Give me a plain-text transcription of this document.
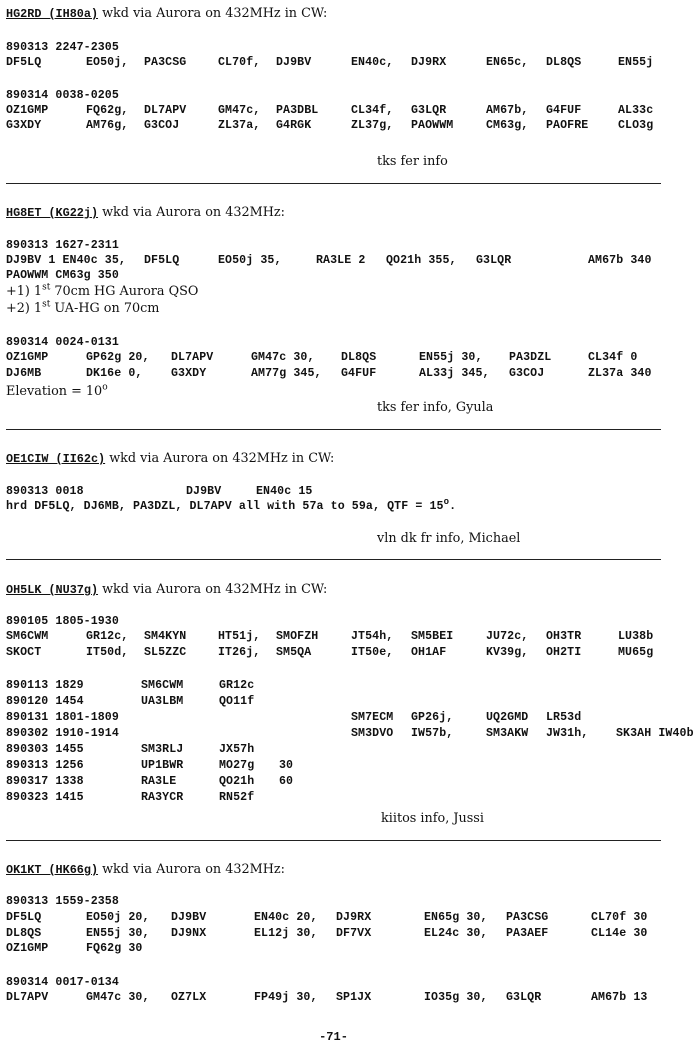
HG2RD (IH80a) wkd via Aurora on 432MHz in CW:
890313 2247-2305
DF5LQ	EO50j, PA3CSG	CL70f, DJ9BV	EN40c, DJ9RX	EN65c, DL8QS	EN55j
890314 0038-0205
OZ1GMP	FQ62g, DL7APV	GM47c, PA3DBL	CL34f, G3LQR	AM67b, G4FUF	AL33c
G3XDY	AM76g, G3COJ	ZL37a, G4RGK	ZL37g, PAOWWM	CM63g, PAOFRE	CLO3g
tks fer info
HG8ET (KG22j) wkd via Aurora on 432MHz:
890313 1627-2311
DJ9BV 1 EN40c 35, DF5LQ	EO50j 35,	RA3LE 2 QO21h 355, G3LQR	AM67b 340
PAOWWM CM63g 350
+1) 1st 70cm HG Aurora QSO
+2) 1st UA-HG on 70cm
890314 0024-0131
OZ1GMP	GP62g 20, DL7APV	GM47c 30, DL8QS	EN55j 30, PA3DZL	CL34f 0
DJ6MB	DK16e 0, G3XDY	AM77g 345, G4FUF	AL33j 345, G3COJ	ZL37a 340
Elevation = $10^o$
tks fer info, Gyula
OE1CIW (II62c) wkd via Aurora on 432MHz in CW:
890313 0018	DJ9BV	EN40c 15
hrd DF5LQ, DJ6MB, PA3DZL, DL7APV all with 57a to 59a, QTF = $15^o$.
vln dk fr info, Michael
OH5LK (NU37g) wkd via Aurora on 432MHz in CW:
890105 1805-1930
SM6CWM	GR12c, SM4KYN	HT51j, SMOFZH	JT54h, SM5BEI	JU72c, OH3TR	LU38b
SKOCT	IT50d, SL5ZZC	IT26j, SM5QA	IT50e, OH1AF	KV39g, OH2TI	MU65g
890113 1829	SM6CWM	GR12c
890120 1454	UA3LBM	QO11f
890131 1801-1809	SM7ECM GP26j,	UQ2GMD LR53d
890302 1910-1914	SM3DVO IW57b,	SM3AKW JW31h, SK3AH IW40b
890303 1455	SM3RLJ	JX57h
890313 1256	UP1BWR	MO27g 30
890317 1338	RA3LE	QO21h 60
890323 1415	RA3YCR	RN52f
kiitos info, Jussi
OK1KT (HK66g) wkd via Aurora on 432MHz:
890313 1559-2358
DF5LQ	EO50j 20, DJ9BV	EN40c 20, DJ9RX	EN65g 30, PA3CSG	CL70f 30
DL8QS	EN55j 30, DJ9NX	EL12j 30, DF7VX	EL24c 30, PA3AEF	CL14e 30
OZ1GMP	FQ62g 30
890314 0017-0134
DL7APV	GM47c 30, OZ7LX	FP49j 30, SP1JX	IO35g 30, G3LQR	AM67b 13
-71-
